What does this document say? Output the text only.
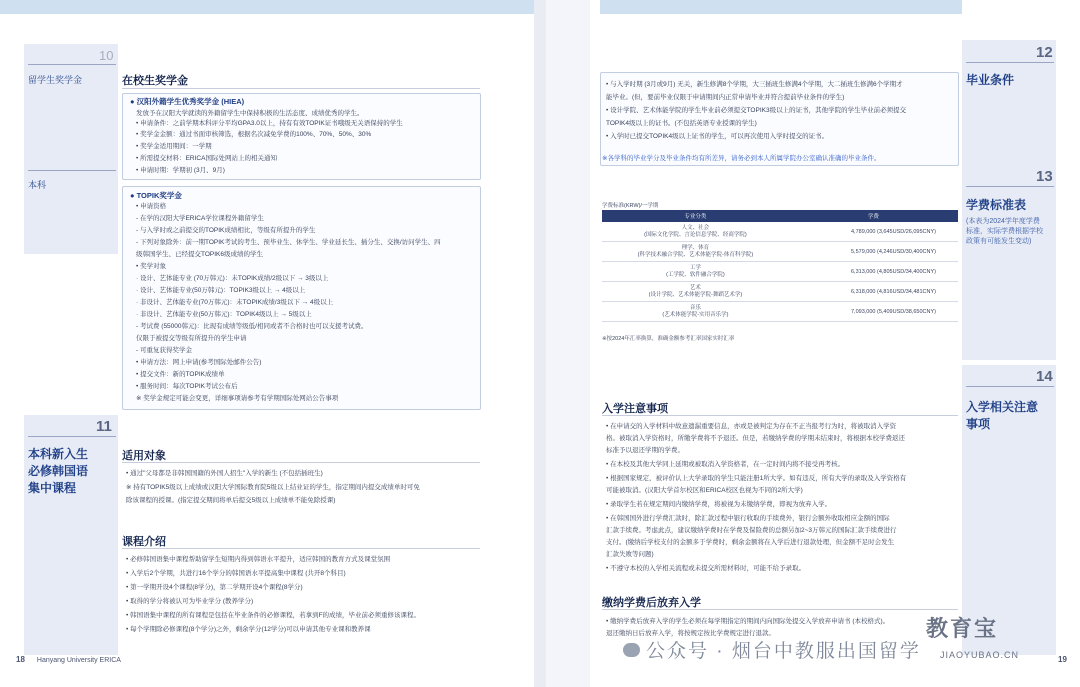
10
留学生奖学金
本科
11
本科新入生
必修韩国语
集中课程
在校生奖学金
● 汉阳外籍学生优秀奖学金 (HIEA)
发放予在汉阳大学就读的外籍留学生中保持积极的生活态度、成绩优秀的学生。
• 申请条件：之前学期本科评分平均GPA3.0以上，持有有效TOPIK证书哦级无关语保持的学生
• 奖学金金额：通过书面审核筛选，根据名次减免学费的100%、70%、50%、30%
• 奖学金适用期间：一学期
• 所需提交材料：ERICA国际处网站上的相关通知
• 申请时期：学期初 (3月、9月)
● TOPIK奖学金
• 申请资格
- 在学的汉阳大学ERICA学位课程外籍留学生
- 与入学时或之前提交的TOPIK成绩相比，等级有所提升的学生
- 下列对象除外：前一期TOPIK考试的考生、预毕业生、休学生、学业延长生、插分生、交换/访问学生、四
级韩国学生、已经提交TOPIK6级成绩的学生
• 奖学对象
· 设计、艺体能专业 (70万韩元)：未TOPIK成绩/2级以下 → 3级以上
· 设计、艺体能专业(50万韩元)：TOPIK3级以上 → 4级以上
· 非设计、艺体能专业(70万韩元)：未TOPIK成绩/3级以下 → 4级以上
· 非设计、艺体能专业(50万韩元)：TOPIK4级以上 → 5级以上
- 考试费 (55000韩元)：比现有成绩等级低/相同或者不合格时也可以支援考试费。
仅限于被提交等级有所提升的学生申请
- 可重复获得奖学金
• 申请方法：网上申请(参考国际处邮件公告)
• 提交文件：新的TOPIK成绩单
• 服务时间：每次TOPIK考试公布后
※ 奖学金规定可能会变更，详细事项请参考有学期国际处网站公告事项
适用对象
• 通过"父母都是非韩国国籍的外国人招生"入学的新生 (不包括插班生)
※ 持有TOPIK5级以上成绩或汉阳大学国际教育院5级以上结业证的学生，指定期间内提交成绩单时可免
除该课程的授课。(指定提交期间将单后提交5级以上成绩单不能免除授课)
课程介绍
• 必修韩国语集中课程帮助留学生短期内得到韩语水平提升，适应韩国的教育方式及课堂氛围
• 入学后2个学期，共进行16个学分的韩国语水平提高集中课程 (共开8个科目)
• 第一学期开设4个课程(8学分)，第二学期开设4个课程(8学分)
• 取得的学分将被认可为毕业学分 (教养学分)
• 韩国语集中课程的所有课程是包括在毕业条件的必修课程，若拿到F的成绩，毕业前必须重修该课程。
• 每个学期除必修课程(8个学分)之外，剩余学分(12学分)可以申请其他专业课和教养课
18 Hanyang University ERICA
12
毕业条件
13
学费标准表
(本表为2024学年度学费
标准，实际学费根据学校
政策有可能发生变动)
14
入学相关注意
事项
• 与入学时期 (3月或9月) 无关，新生修满8个学期，大三插班生修满4个学期，大二插班生修满6个学期才
能毕业。(但，要前毕业仅限于申请期间内正常申请毕业并符合提前毕业条件的学生)
• 设计学院、艺术体能学院的学生毕业前必须提交TOPIK3级以上的证书，其他学院的学生毕业前必须提交
TOPIK4级以上的证书。(不包括英语专业授课的学生)
• 入学时已提交TOPIK4级以上证书的学生，可以再次使用入学时提交的证书。
※各学科的毕业学分及毕业条件均有所差异，请务必到本人所属学院办公室确认准确的毕业条件。
学费标准(KRW)/一学期
专业分类	学费

人文、社会
(国际文化学院、言论信息学院、经商学院)	4,789,000 (3,645USD/26,095CNY)

理学、体育
(科学技术融合学院、艺术体能学院-体育科学院)	5,579,000 (4,246USD/30,400CNY)

工学
(工学院、软件融合学院)	6,313,000 (4,805USD/34,400CNY)

艺术
(设计学院、艺术体能学院-舞蹈艺术学)	6,318,000 (4,816USD/34,481CNY)

音乐
(艺术体能学院-实用音乐学)	7,093,000 (5,409USD/38,650CNY)
※按2024年汇率换算，准确金额参考汇率国家实时汇率
入学注意事项
• 在申请交的入学材料中故意遗漏重要信息，亦或是被判定为存在不正当报考行为时，将被取消入学资
格。被取消入学资格时，所缴学费将不予退还。但是，若缴纳学费的学期未结束时，将根据本校学费返还
标准予以退还学期的学费。
• 在本校及其他大学同上延期或被取消入学资格者，在一定时间内将不接受再考核。
• 根据国家规定，被评价认上大学录取的学生只能注册1所大学。如有违反，所有大学的录取及入学资格有
可能被取消。(汉阳大学首尔校区和ERICA校区也视为不同的2所大学)
• 录取学生若在规定期间内缴纳学费，将被视为未缴纳学费，即视为放弃入学。
• 在韩国国外进行学费汇款时，除汇款过程中银行收取的手续费外，银行会额外收取相应金额的国际
汇款手续费。考虑此点，建议缴纳学费时在学费及保险费的总额另加2~3万韩元的国际汇款手续费进行
支付。(缴纳后学校支付的金额多于学费时，剩余金额将在入学后进行退款处理，但金额不足时会发生
汇款失败等问题)
• 不遵守本校的入学相关流程或未提交所需材料时，可能不给予录取。
缴纳学费后放弃入学
• 缴纳学费后放弃入学的学生必须在每学期指定的期间内向国际处提交入学放弃申请书 (本校格式)。
退还缴纳日后放弃入学，将按规定按比学费规定进行退款。
19
公众号 · 烟台中教服出国留学
教育宝
JIAOYUBAO.CN
